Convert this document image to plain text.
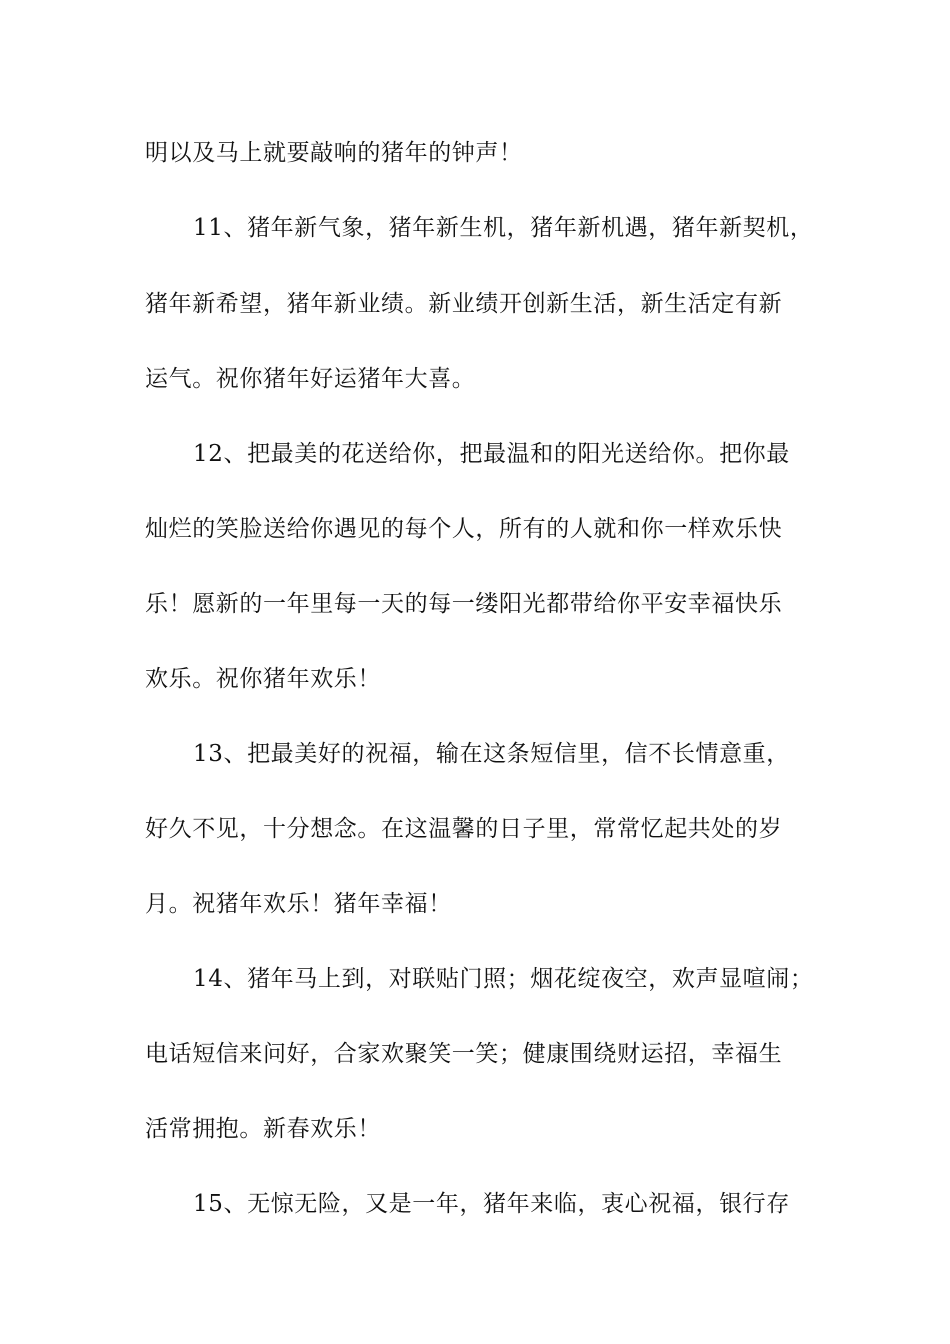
明以及马上就要敲响的猪年的钟声！
11、猪年新气象，猪年新生机，猪年新机遇，猪年新契机，
猪年新希望，猪年新业绩。新业绩开创新生活，新生活定有新
运气。祝你猪年好运猪年大喜。
12、把最美的花送给你，把最温和的阳光送给你。把你最
灿烂的笑脸送给你遇见的每个人，所有的人就和你一样欢乐快
乐！愿新的一年里每一天的每一缕阳光都带给你平安幸福快乐
欢乐。祝你猪年欢乐！
13、把最美好的祝福，输在这条短信里，信不长情意重，
好久不见，十分想念。在这温馨的日子里，常常忆起共处的岁
月。祝猪年欢乐！猪年幸福！
14、猪年马上到，对联贴门照；烟花绽夜空，欢声显喧闹；
电话短信来问好，合家欢聚笑一笑；健康围绕财运招，幸福生
活常拥抱。新春欢乐！
15、无惊无险，又是一年，猪年来临，衷心祝福，银行存
